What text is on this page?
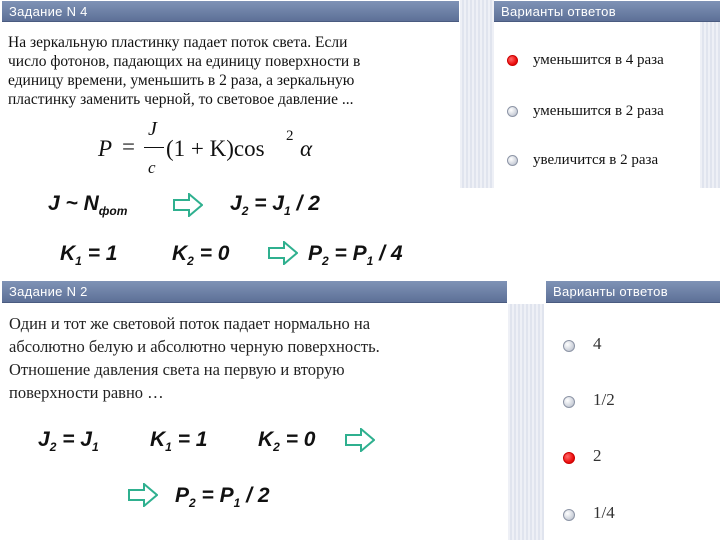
Задание N 4	Варианты ответов
На зеркальную пластинку падает поток света. Если
число фотонов, падающих на единицу поверхности в
единицу времени, уменьшить в 2 раза, а зеркальную
пластинку заменить черной, то световое давление ...
P =
J
c
(1 + K)cos 2 α
уменьшится в 4 раза
уменьшится в 2 раза
увеличится в 2 раза
J ~ $N_{фот}$	$J_2 = J_1 / 2$
$K_1 = 1$	$K_2 = 0$	$P_2 = P_1 / 4$
Задание N 2	Варианты ответов
Один и тот же световой поток падает нормально на
абсолютно белую и абсолютно черную поверхность.
Отношение давления света на первую и вторую
поверхности равно …
4
1/2
2
1/4
$J_2 = J_1$ $K_1 = 1$ $K_2 = 0$
$P_2 = P_1 / 2$
